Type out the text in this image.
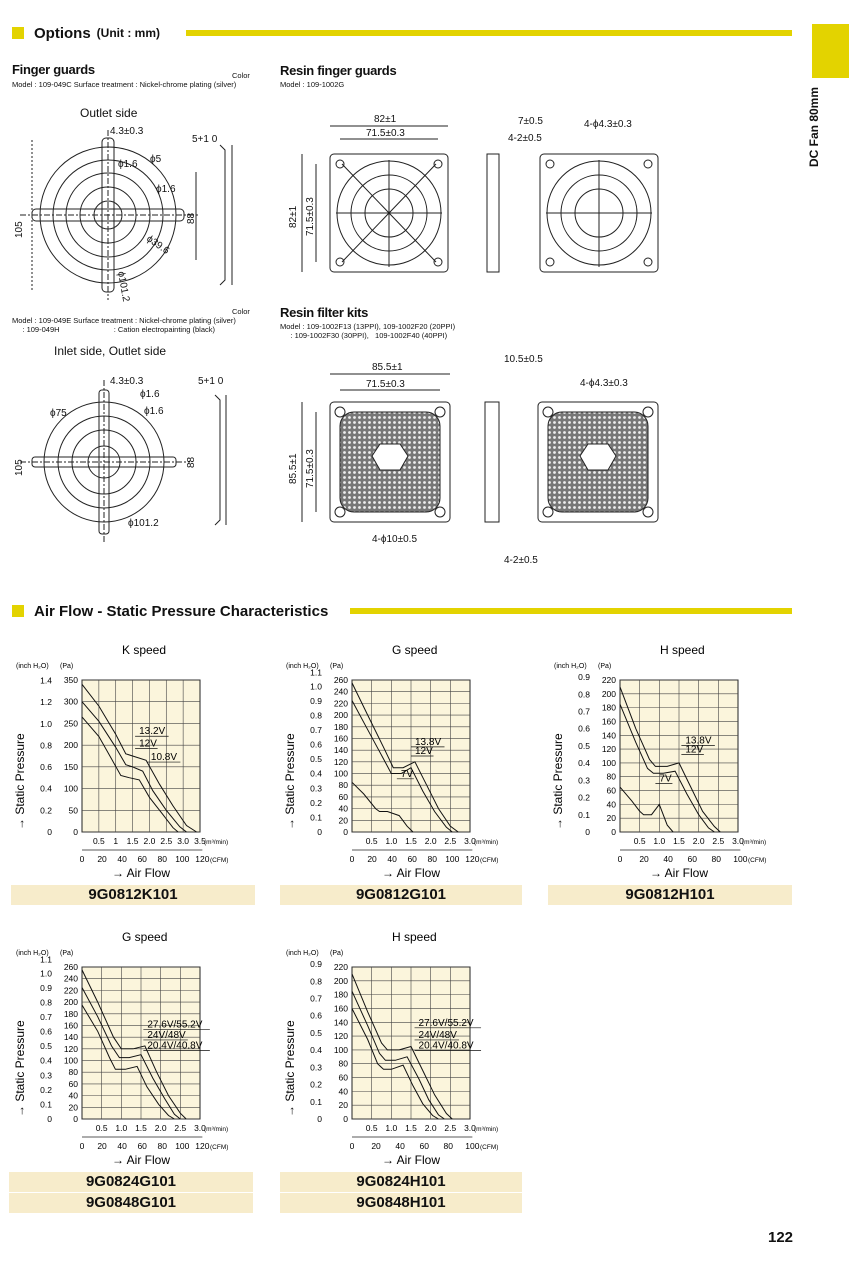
Options (Unit : mm)
DC Fan 80mm
Finger guards	Color
Model : 109-049C Surface treatment : Nickel-chrome plating (silver)
Outlet side
4.3±0.3
ϕ1.6 ϕ5
ϕ1.6
ϕ39.6
ϕ101.2
105
88
5+1 0
Color
Model : 109-049E Surface treatment : Nickel-chrome plating (silver)
: 109-049H                          : Cation electropainting (black)
Inlet side, Outlet side
4.3±0.3
ϕ1.6
ϕ75	ϕ1.6
ϕ101.2
105	88
5+1 0
Resin finger guards
Model : 109-1002G
82±1
71.5±0.3
82±1 71.5±0.3
7±0.5
4-2±0.5
4-ϕ4.3±0.3
Resin filter kits
Model : 109-1002F13 (13PPI), 109-1002F20 (20PPI)
: 109-1002F30 (30PPI),   109-1002F40 (40PPI)
85.5±1
71.5±0.3
85.5±1 71.5±0.3
10.5±0.5
4-ϕ4.3±0.3
4-ϕ10±0.5
4-2±0.5
Air Flow - Static Pressure Characteristics
K speed
(inch H₂O) (Pa)
0
50
100
150
200
250
300
350
0
0.2
0.4
0.6
0.8
1.0
1.2
1.4
→ Static Pressure
0.5 1 1.5 2.0 2.5 3.0 3.5
(m³/min)
0 20 40 60 80 100 120 (CFM)
→ Air Flow
13.2V
12V
10.8V
G speed
(inch H₂O) (Pa)
0
20
40
60
80
100
120
140
160
180
200
220
240
260
0
0.1
0.2
0.3
0.4
0.5
0.6
0.7
0.8
0.9
1.0
1.1
→ Static Pressure
0.5 1.0 1.5 2.0 2.5 3.0
(m³/min)
0 20 40 60 80 100 120 (CFM)
→ Air Flow
13.8V
12V
7V
H speed
(inch H₂O) (Pa)
0
20
40
60
80
100
120
140
160
180
200
220
0
0.1
0.2
0.3
0.4
0.5
0.6
0.7
0.8
0.9
→ Static Pressure
0.5 1.0 1.5 2.0 2.5 3.0
(m³/min)
0 20 40 60 80 100 (CFM)
→ Air Flow
13.8V
12V
7V
G speed
(inch H₂O) (Pa)
0
20
40
60
80
100
120
140
160
180
200
220
240
260
0
0.1
0.2
0.3
0.4
0.5
0.6
0.7
0.8
0.9
1.0
1.1
→ Static Pressure
0.5 1.0 1.5 2.0 2.5 3.0
(m³/min)
0 20 40 60 80 100 120 (CFM)
→ Air Flow
27.6V/55.2V
24V/48V
20.4V/40.8V
H speed
(inch H₂O) (Pa)
0
20
40
60
80
100
120
140
160
180
200
220
0
0.1
0.2
0.3
0.4
0.5
0.6
0.7
0.8
0.9
→ Static Pressure
0.5 1.0 1.5 2.0 2.5 3.0
(m³/min)
0 20 40 60 80 100 (CFM)
→ Air Flow
27.6V/55.2V
24V/48V
20.4V/40.8V
9G0812K101	9G0812G101	9G0812H101
9G0824G101
9G0848G101
9G0824H101
9G0848H101
122
